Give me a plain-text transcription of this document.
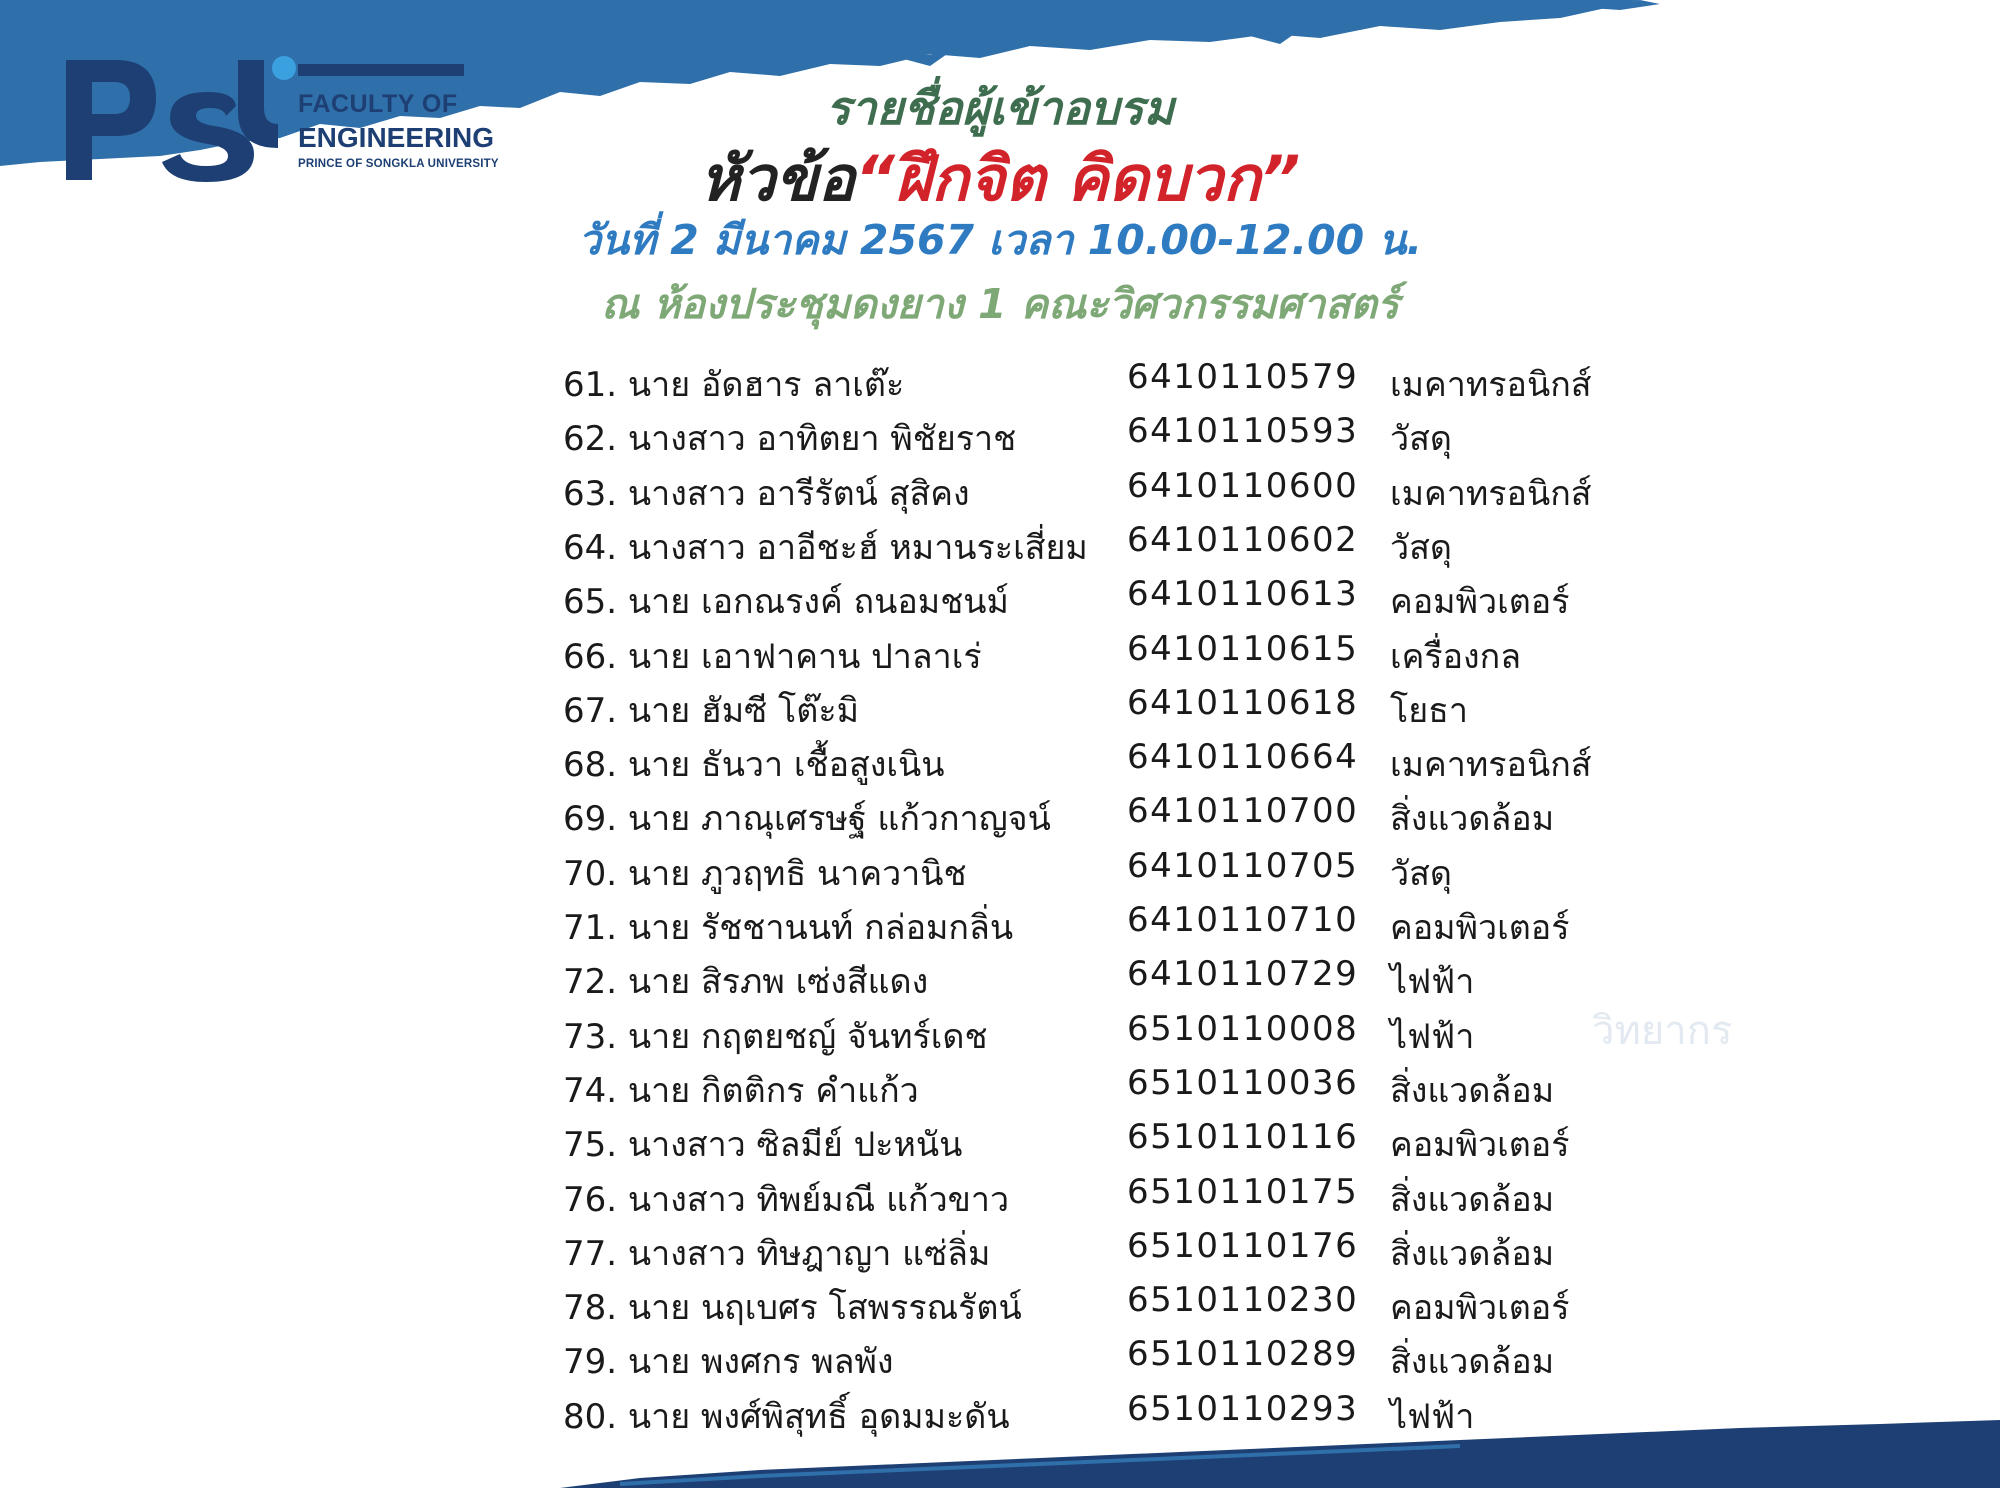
FACULTY OF
ENGINEERING
PRINCE OF SONGKLA UNIVERSITY
รายชื่อผู้เข้าอบรม
หัวข้อ“ฝึกจิต คิดบวก”
วันที่ 2 มีนาคม 2567 เวลา 10.00-12.00 น.
ณ ห้องประชุมดงยาง 1 คณะวิศวกรรมศาสตร์
61. นาย อัดฮาร ลาเต๊ะ	6410110579 เมคาทรอนิกส์
62. นางสาว อาทิตยา พิชัยราช	6410110593 วัสดุ
63. นางสาว อารีรัตน์ สุสิคง	6410110600 เมคาทรอนิกส์
64. นางสาว อาอีชะฮ์ หมานระเสี่ยม 6410110602 วัสดุ
65. นาย เอกณรงค์ ถนอมชนม์	6410110613 คอมพิวเตอร์
66. นาย เอาฟาคาน ปาลาเร่	6410110615 เครื่องกล
67. นาย ฮัมซี โต๊ะมิ	6410110618 โยธา
68. นาย ธันวา เชื้อสูงเนิน	6410110664 เมคาทรอนิกส์
69. นาย ภาณุเศรษฐ์ แก้วกาญจน์ 6410110700 สิ่งแวดล้อม
70. นาย ภูวฤทธิ นาควานิช	6410110705 วัสดุ
71. นาย รัชชานนท์ กล่อมกลิ่น	6410110710 คอมพิวเตอร์
72. นาย สิรภพ เซ่งสีแดง	6410110729 ไฟฟ้า
73. นาย กฤตยชญ์ จันทร์เดช	6510110008 ไฟฟ้า
74. นาย กิตติกร คำแก้ว	6510110036 สิ่งแวดล้อม
75. นางสาว ซิลมีย์ ปะหนัน	6510110116 คอมพิวเตอร์
76. นางสาว ทิพย์มณี แก้วขาว	6510110175 สิ่งแวดล้อม
77. นางสาว ทิษฎาญา แซ่ลิ่ม	6510110176 สิ่งแวดล้อม
78. นาย นฤเบศร โสพรรณรัตน์	6510110230 คอมพิวเตอร์
79. นาย พงศกร พลพัง	6510110289 สิ่งแวดล้อม
80. นาย พงศ์พิสุทธิ์ อุดมมะดัน	6510110293 ไฟฟ้า
วิทยากร
